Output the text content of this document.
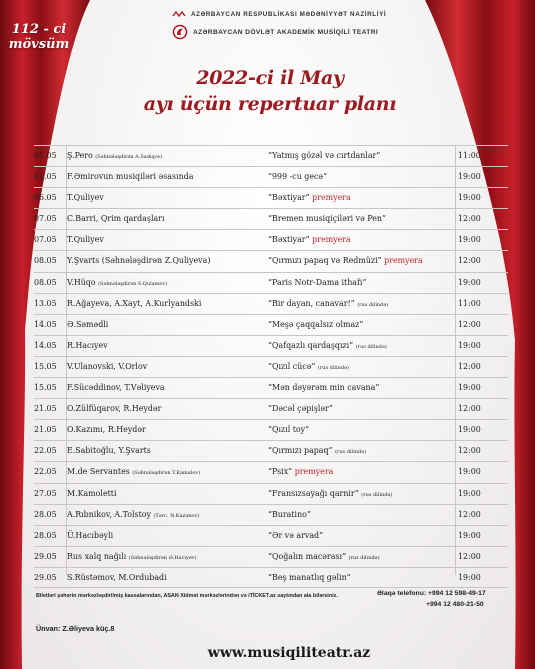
112 - ci
mövsüm
AZƏRBAYCAN RESPUBLİKASI MƏDƏNİYYƏT NAZİRLİYİ
AZƏRBAYCAN DÖVLƏT AKADEMİK MUSİQİLİ TEATRI
2022-ci il May
ayı üçün repertuar planı
01.05 Ş.Pero (Səhnələşdirən A.Sadıqov)	“Yatmış gözəl və cırtdanlar”	11:00
01.05 F.Əmirovun musiqiləri əsasında	“999 -cu gecə”	19:00
06.05 T.Quliyev	“Bəxtiyar” premyera	19:00
07.05 C.Barri, Qrim qardaşları	“Bremen musiqiçiləri və Pen”	12:00
07.05 T.Quliyev	“Bəxtiyar” premyera	19:00
08.05 Y.Şvarts (Səhnələşdirən Z.Quliyeva)	“Qırmızı papaq və Redmüzi” premyera	12:00
08.05 V.Hüqo (Səhnələşdirən S.Qulamov)	“Paris Notr-Dama ithafı”	19:00
13.05 R.Ağayeva, A.Xayt, A.Kurlyandski	“Bir dayan, canavar!” (rus dilində)	11:00
14.05 Ə.Səmədli	“Meşə çaqqalsız olmaz”	12:00
14.05 R.Hacıyev	“Qafqazlı qardaşqızı” (rus dilində)	19:00
15.05 V.Ulanovski, V.Orlov	“Qızıl cücə” (rus dilində)	12:00
15.05 F.Sücəddinov, T.Vəliyeva	“Mən dəyərəm min cavana”	19:00
21.05 O.Zülfüqarov, R.Heydər	“Dəcəl çəpişlər”	12:00
21.05 O.Kazımı, R.Heydər	“Qızıl toy”	19:00
22.05 E.Sabitoğlu, Y.Şvarts	“Qırmızı papaq” (rus dilində)	12:00
22.05 M.de Servantes (Səhnələşdirən T.Kamalov)	“Psix” premyera	19:00
27.05 M.Kamoletti	“Fransızsayağı qarnir” (rus dilində)	19:00
28.05 A.Rıbnikov, A.Tolstoy (Tərc. N.Kazımov)	“Buratino”	12:00
28.05 Ü.Hacıbəyli	“Ər və arvad”	19:00
29.05 Rus xalq nağılı (Səhnələşdirən Ə.Hacıyev)	“Qoğalın macərası” (rus dilində)	12:00
29.05 S.Rüstəmov, M.Ordubadi	“Beş manatlıq gəlin”	19:00
Biletləri şəhərin mərkəzləşdirilmiş kassalarından, ASAN Xidmət mərkəzlərindən və iTİCKET.az saytından ala bilərsiniz.	Əlaqə telefonu: +994 12 598-49-17
+994 12 480-21-50
Ünvan: Z.Əliyeva küç.8
www.musiqiliteatr.az
